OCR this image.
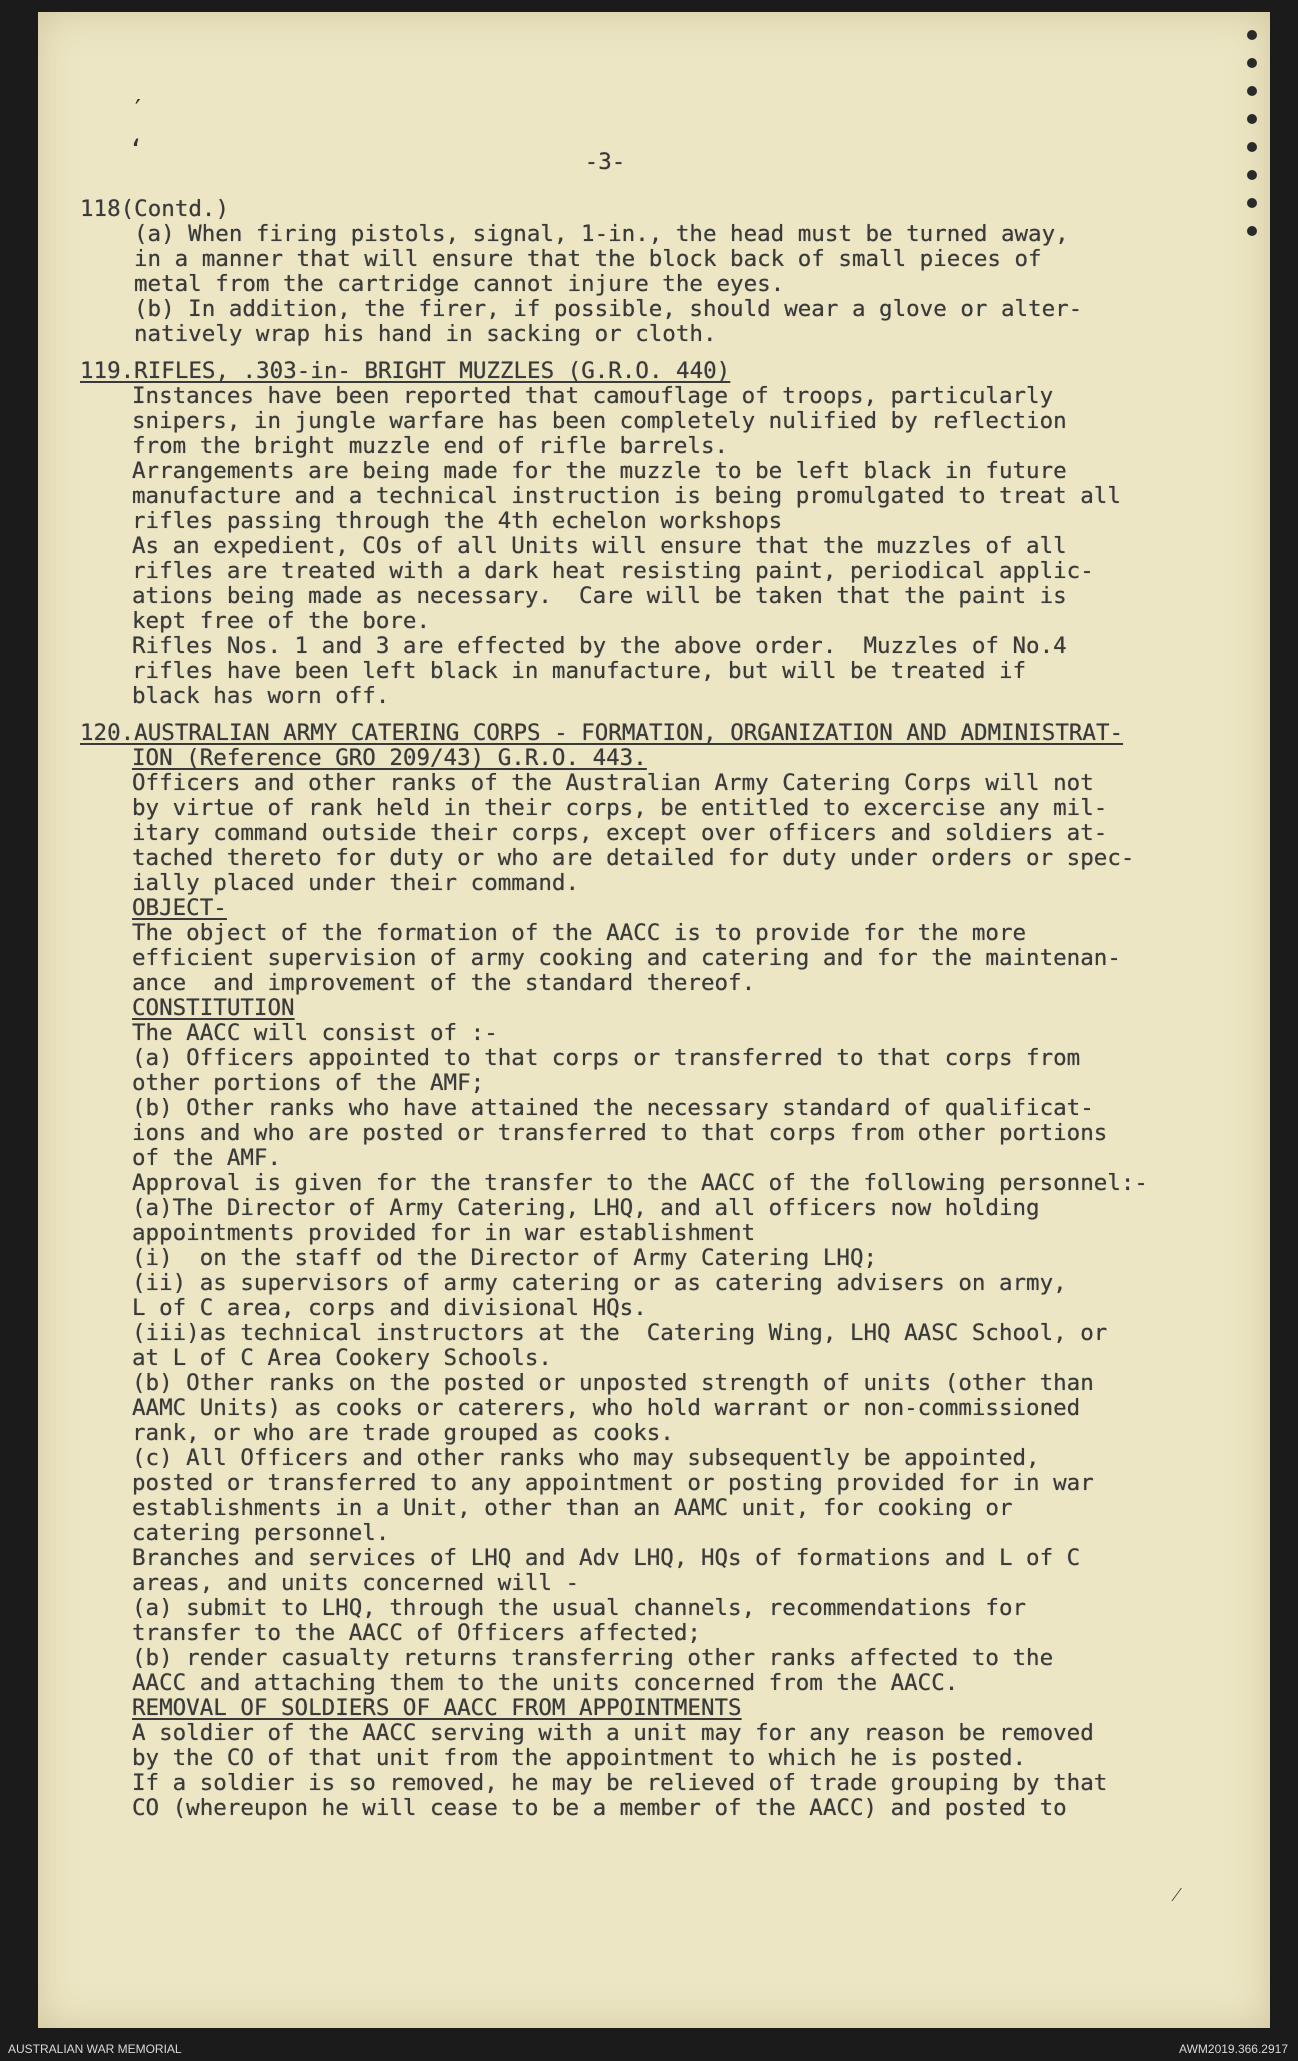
′
‘	-3-
118(Contd.)
(a) When firing pistols, signal, 1-in., the head must be turned away,
in a manner that will ensure that the block back of small pieces of
metal from the cartridge cannot injure the eyes.
(b) In addition, the firer, if possible, should wear a glove or alter-
natively wrap his hand in sacking or cloth.
119.RIFLES, .303-in- BRIGHT MUZZLES (G.R.O. 440)
Instances have been reported that camouflage of troops, particularly
snipers, in jungle warfare has been completely nulified by reflection
from the bright muzzle end of rifle barrels.
Arrangements are being made for the muzzle to be left black in future
manufacture and a technical instruction is being promulgated to treat all
rifles passing through the 4th echelon workshops
As an expedient, COs of all Units will ensure that the muzzles of all
rifles are treated with a dark heat resisting paint, periodical applic-
ations being made as necessary.  Care will be taken that the paint is
kept free of the bore.
Rifles Nos. 1 and 3 are effected by the above order.  Muzzles of No.4
rifles have been left black in manufacture, but will be treated if
black has worn off.
120.AUSTRALIAN ARMY CATERING CORPS - FORMATION, ORGANIZATION AND ADMINISTRAT-
ION (Reference GRO 209/43) G.R.O. 443.
Officers and other ranks of the Australian Army Catering Corps will not
by virtue of rank held in their corps, be entitled to excercise any mil-
itary command outside their corps, except over officers and soldiers at-
tached thereto for duty or who are detailed for duty under orders or spec-
ially placed under their command.
OBJECT-
The object of the formation of the AACC is to provide for the more
efficient supervision of army cooking and catering and for the maintenan-
ance  and improvement of the standard thereof.
CONSTITUTION
The AACC will consist of :-
(a) Officers appointed to that corps or transferred to that corps from
other portions of the AMF;
(b) Other ranks who have attained the necessary standard of qualificat-
ions and who are posted or transferred to that corps from other portions
of the AMF.
Approval is given for the transfer to the AACC of the following personnel:-
(a)The Director of Army Catering, LHQ, and all officers now holding
appointments provided for in war establishment
(i)  on the staff od the Director of Army Catering LHQ;
(ii) as supervisors of army catering or as catering advisers on army,
L of C area, corps and divisional HQs.
(iii)as technical instructors at the  Catering Wing, LHQ AASC School, or
at L of C Area Cookery Schools.
(b) Other ranks on the posted or unposted strength of units (other than
AAMC Units) as cooks or caterers, who hold warrant or non-commissioned
rank, or who are trade grouped as cooks.
(c) All Officers and other ranks who may subsequently be appointed,
posted or transferred to any appointment or posting provided for in war
establishments in a Unit, other than an AAMC unit, for cooking or
catering personnel.
Branches and services of LHQ and Adv LHQ, HQs of formations and L of C
areas, and units concerned will -
(a) submit to LHQ, through the usual channels, recommendations for
transfer to the AACC of Officers affected;
(b) render casualty returns transferring other ranks affected to the
AACC and attaching them to the units concerned from the AACC.
REMOVAL OF SOLDIERS OF AACC FROM APPOINTMENTS
A soldier of the AACC serving with a unit may for any reason be removed
by the CO of that unit from the appointment to which he is posted.
If a soldier is so removed, he may be relieved of trade grouping by that
CO (whereupon he will cease to be a member of the AACC) and posted to
⁄
AUSTRALIAN WAR MEMORIAL	AWM2019.366.2917
